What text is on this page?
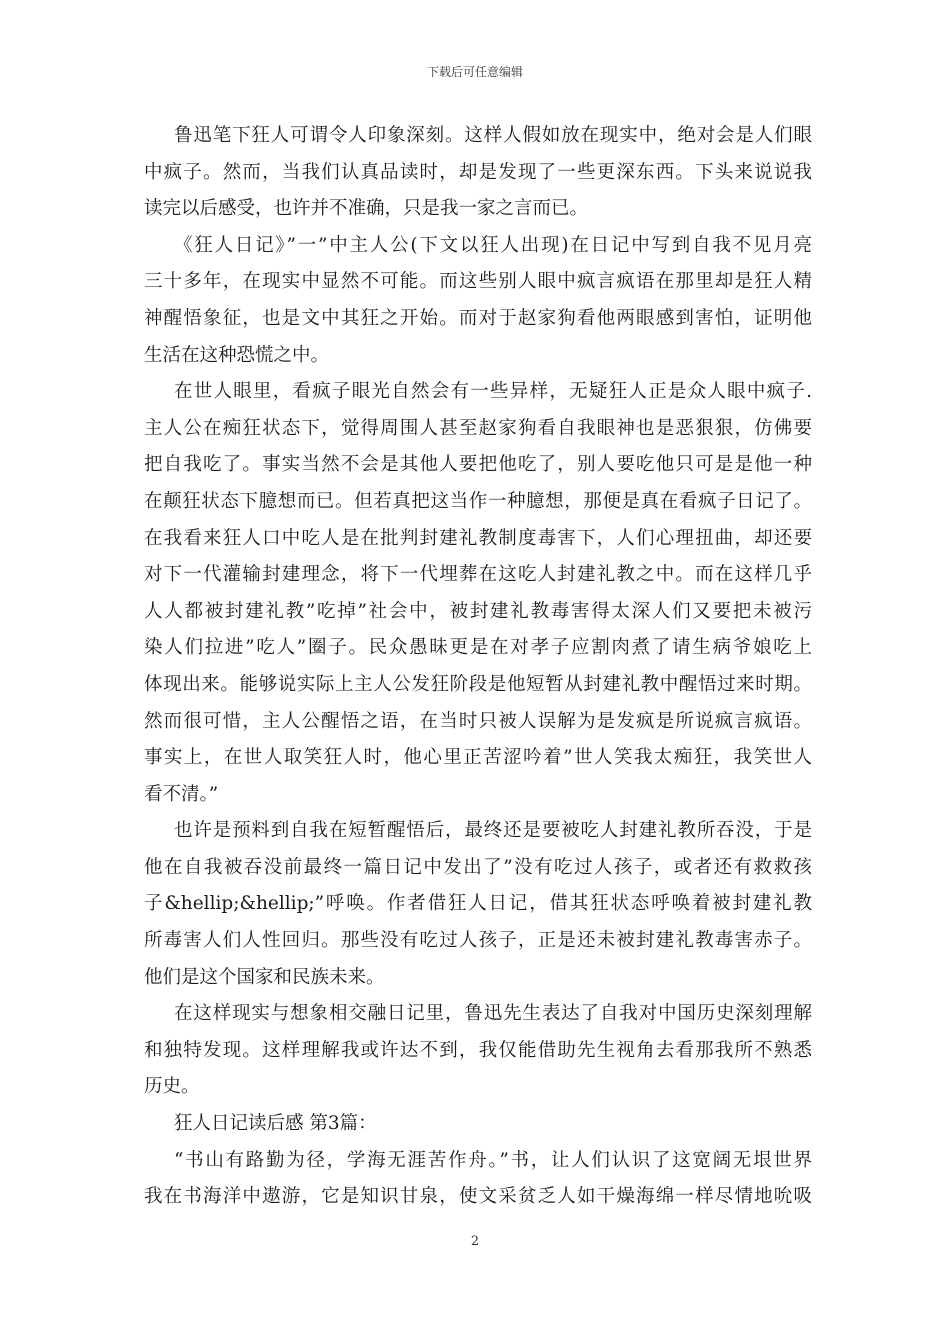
下载后可任意编辑
鲁迅笔下狂人可谓令人印象深刻。这样人假如放在现实中，绝对会是人们眼
中疯子。然而，当我们认真品读时，却是发现了一些更深东西。下头来说说我
读完以后感受，也许并不准确，只是我一家之言而已。
《狂人日记》”一”中主人公(下文以狂人出现)在日记中写到自我不见月亮
三十多年，在现实中显然不可能。而这些别人眼中疯言疯语在那里却是狂人精
神醒悟象征，也是文中其狂之开始。而对于赵家狗看他两眼感到害怕，证明他
生活在这种恐慌之中。
在世人眼里，看疯子眼光自然会有一些异样，无疑狂人正是众人眼中疯子.
主人公在痴狂状态下，觉得周围人甚至赵家狗看自我眼神也是恶狠狠，仿佛要
把自我吃了。事实当然不会是其他人要把他吃了，别人要吃他只可是是他一种
在颠狂状态下臆想而已。但若真把这当作一种臆想，那便是真在看疯子日记了。
在我看来狂人口中吃人是在批判封建礼教制度毒害下，人们心理扭曲，却还要
对下一代灌输封建理念，将下一代埋葬在这吃人封建礼教之中。而在这样几乎
人人都被封建礼教”吃掉”社会中，被封建礼教毒害得太深人们又要把未被污
染人们拉进”吃人”圈子。民众愚昧更是在对孝子应割肉煮了请生病爷娘吃上
体现出来。能够说实际上主人公发狂阶段是他短暂从封建礼教中醒悟过来时期。
然而很可惜，主人公醒悟之语，在当时只被人误解为是发疯是所说疯言疯语。
事实上，在世人取笑狂人时，他心里正苦涩吟着”世人笑我太痴狂，我笑世人
看不清。”
也许是预料到自我在短暂醒悟后，最终还是要被吃人封建礼教所吞没，于是
他在自我被吞没前最终一篇日记中发出了”没有吃过人孩子，或者还有救救孩
子&hellip;&hellip;”呼唤。作者借狂人日记，借其狂状态呼唤着被封建礼教
所毒害人们人性回归。那些没有吃过人孩子，正是还未被封建礼教毒害赤子。
他们是这个国家和民族未来。
在这样现实与想象相交融日记里，鲁迅先生表达了自我对中国历史深刻理解
和独特发现。这样理解我或许达不到，我仅能借助先生视角去看那我所不熟悉
历史。
狂人日记读后感 第3篇：
“书山有路勤为径，学海无涯苦作舟。”书，让人们认识了这宽阔无垠世界
我在书海洋中遨游，它是知识甘泉，使文采贫乏人如干燥海绵一样尽情地吮吸
2
